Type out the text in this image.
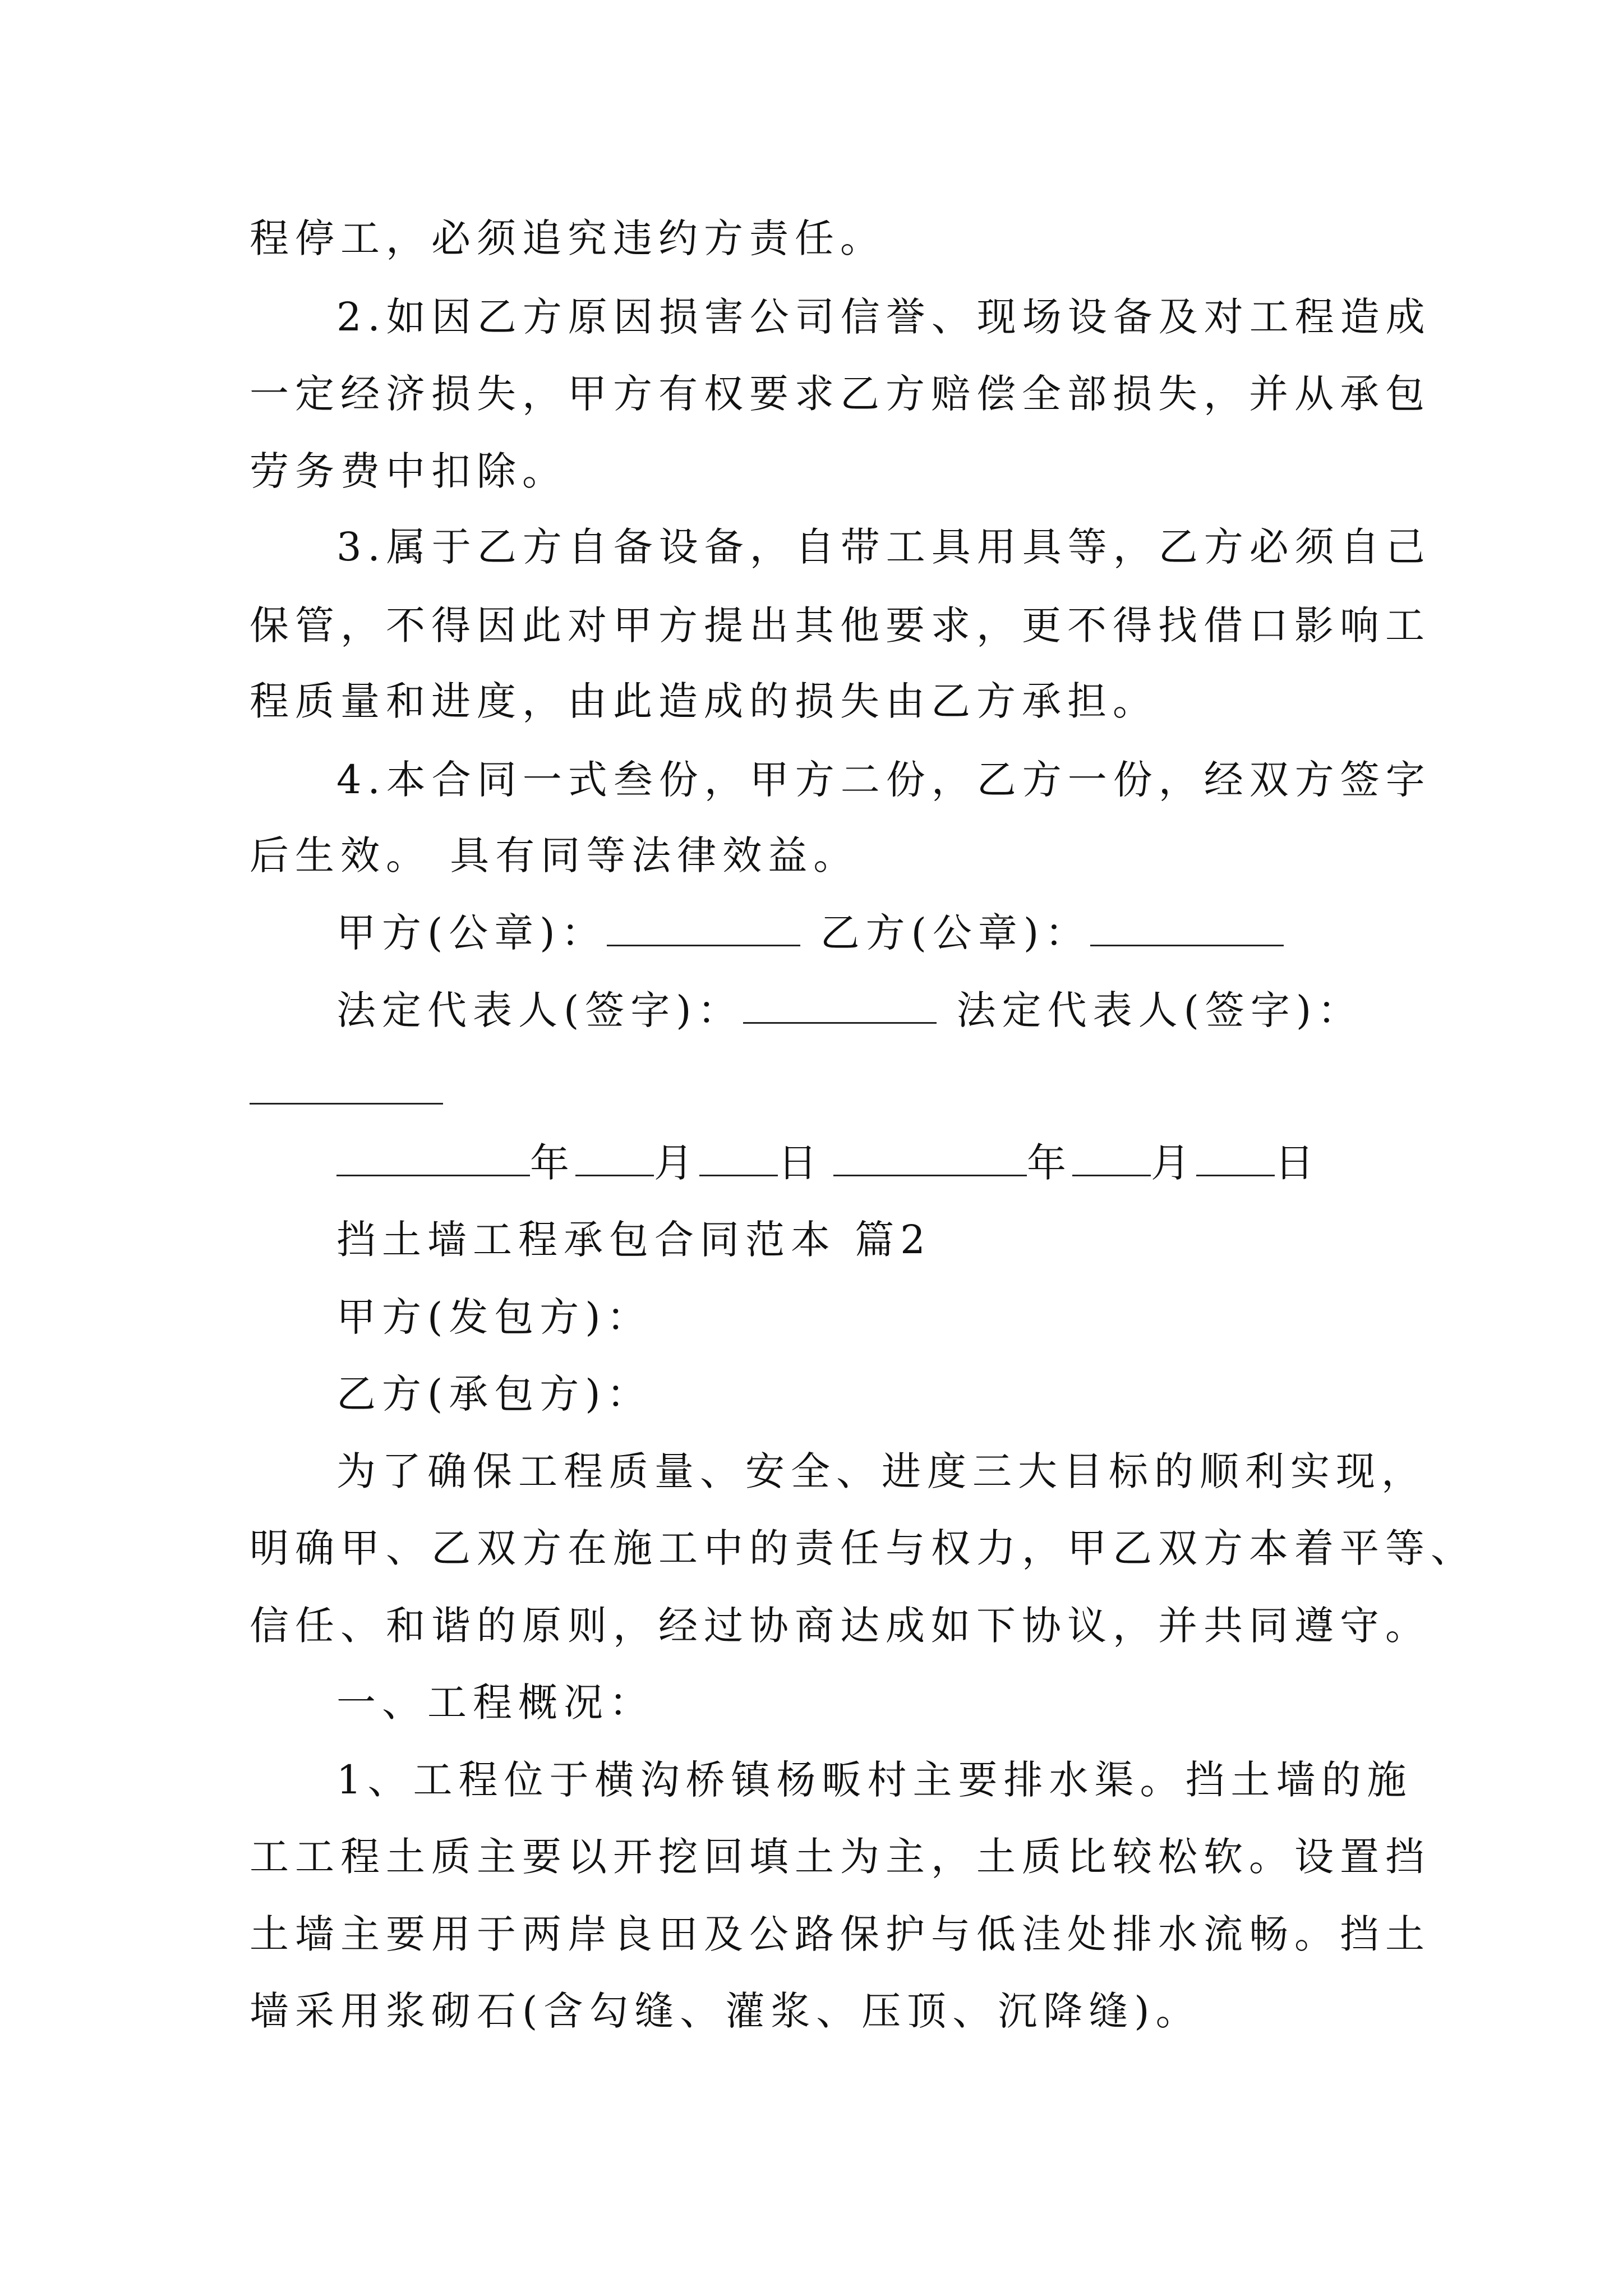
程停工，必须追究违约方责任。
2.如因乙方原因损害公司信誉、现场设备及对工程造成
一定经济损失，甲方有权要求乙方赔偿全部损失，并从承包
劳务费中扣除。
3.属于乙方自备设备，自带工具用具等，乙方必须自己
保管，不得因此对甲方提出其他要求，更不得找借口影响工
程质量和进度，由此造成的损失由乙方承担。
4.本合同一式叁份，甲方二份，乙方一份，经双方签字
后生效。 具有同等法律效益。
甲方(公章)：	乙方(公章)：
法定代表人(签字)：	法定代表人(签字)：
年 月 日	年 月 日
挡土墙工程承包合同范本 篇2
甲方(发包方)：
乙方(承包方)：
为了确保工程质量、安全、进度三大目标的顺利实现，
明确甲、乙双方在施工中的责任与权力，甲乙双方本着平等、
信任、和谐的原则，经过协商达成如下协议，并共同遵守。
一、工程概况：
1、工程位于横沟桥镇杨畈村主要排水渠。挡土墙的施
工工程土质主要以开挖回填土为主，土质比较松软。设置挡
土墙主要用于两岸良田及公路保护与低洼处排水流畅。挡土
墙采用浆砌石(含勾缝、灌浆、压顶、沉降缝)。
